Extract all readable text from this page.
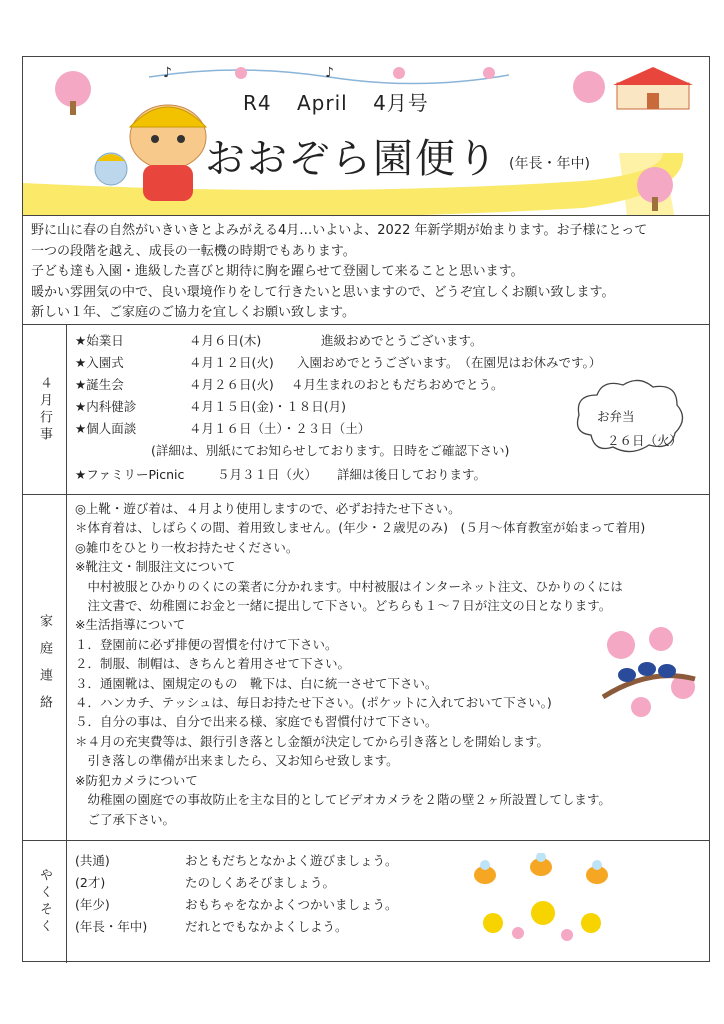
♪	♪
R4 April 4月号
おおぞら園便り (年長・年中)
野に山に春の自然がいきいきとよみがえる4月…いよいよ、2022 年新学期が始まります。お子様にとって
一つの段階を越え、成長の一転機の時期でもあります。
子ども達も入園・進級した喜びと期待に胸を躍らせて登園して来ることと思います。
暖かい雰囲気の中で、良い環境作りをして行きたいと思いますので、どうぞ宜しくお願い致します。
新しい１年、ご家庭のご協力を宜しくお願い致します。
４月行事
★始業日	４月６日(木)	進級おめでとうございます。
★入園式	４月１２日(火) 入園おめでとうございます。　（在園児はお休みです。）
★誕生会	４月２６日(火) ４月生まれのおともだちおめでとう。
★内科健診	４月１５日(金)・１８日(月)
★個人面談	４月１６日（土）・２３日（土）
(詳細は、別紙にてお知らせしております。日時をご確認下さい)
★ファミリーPicnic	５月３１日（火） 詳細は後日しております。
お弁当
２６日（火）
家庭連絡
◎上靴・遊び着は、４月より使用しますので、必ずお持たせ下さい。
＊体育着は、しばらくの間、着用致しません。(年少・２歳児のみ)　(５月～体育教室が始まって着用)
◎雑巾をひとり一枚お持たせください。
※靴注文・制服注文について
　中村被服とひかりのくにの業者に分かれます。中村被服はインターネット注文、ひかりのくには
　注文書で、幼稚園にお金と一緒に提出して下さい。どちらも１～７日が注文の日となります。
※生活指導について
１．登園前に必ず排便の習慣を付けて下さい。
２．制服、制帽は、きちんと着用させて下さい。
３．通園靴は、園規定のもの　靴下は、白に統一させて下さい。
４．ハンカチ、テッシュは、毎日お持たせ下さい。(ポケットに入れておいて下さい。)
５．自分の事は、自分で出来る様、家庭でも習慣付けて下さい。
＊４月の充実費等は、銀行引き落とし金額が決定してから引き落としを開始します。
　引き落しの準備が出来ましたら、又お知らせ致します。
※防犯カメラについて
　幼稚園の園庭での事故防止を主な目的としてビデオカメラを２階の壁２ヶ所設置してします。
　ご了承下さい。
やくそく
(共通)	おともだちとなかよく遊びましょう。
(2才)	たのしくあそびましょう。
(年少)	おもちゃをなかよくつかいましょう。
(年長・年中)	だれとでもなかよくしよう。
